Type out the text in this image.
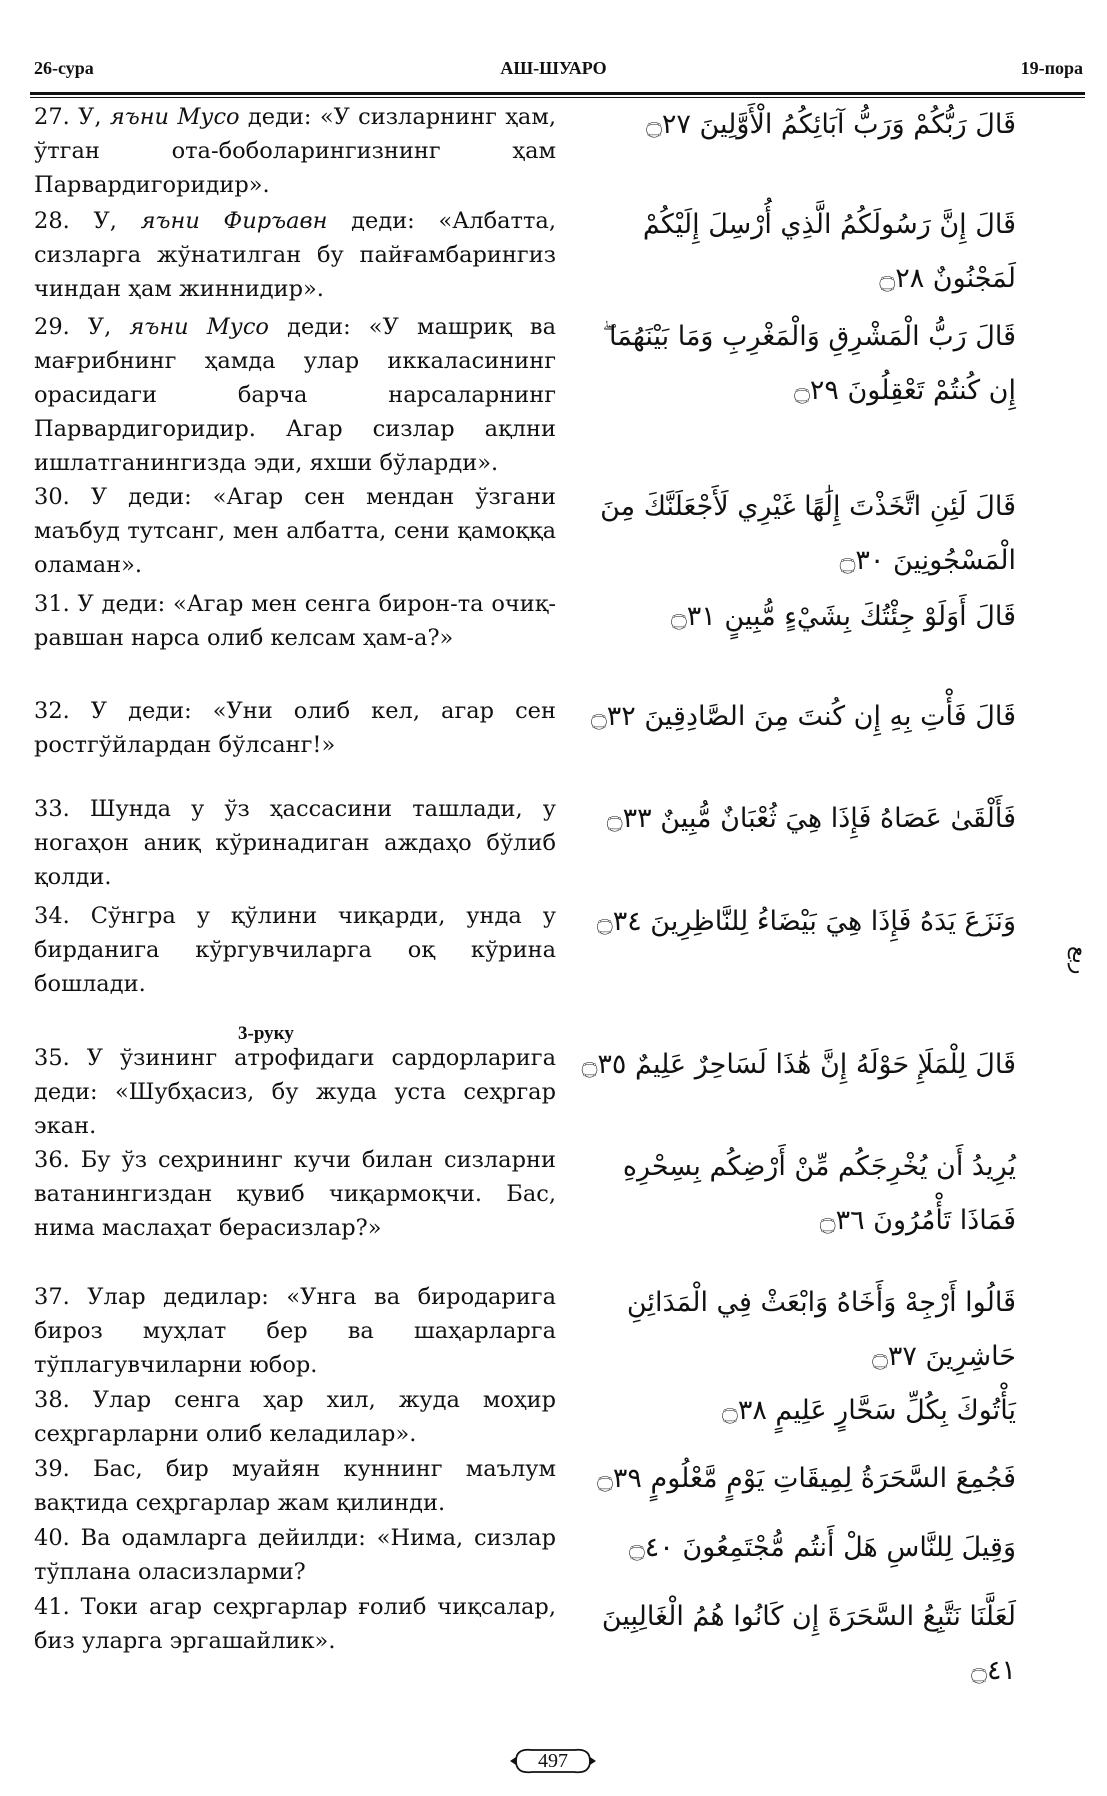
26-сура	АШ-ШУАРО	19-пора
27. У, яъни Мусо деди: «У сизларнинг ҳам, ўтган ота-боболарингизнинг ҳам Парвардигоридир».
28. У, яъни Фиръавн деди: «Албатта, сизларга жўнатилган бу пайғамбарингиз чиндан ҳам жиннидир».
29. У, яъни Мусо деди: «У машриқ ва мағрибнинг ҳамда улар иккаласининг орасидаги барча нарсаларнинг Парвардигоридир. Агар сизлар ақлни ишлатганингизда эди, яхши бўларди».
30. У деди: «Агар сен мендан ўзгани маъбуд тутсанг, мен албатта, сени қамоққа оламан».
31. У деди: «Агар мен сенга бирон-та очиқ-равшан нарса олиб келсам ҳам-а?»
32. У деди: «Уни олиб кел, агар сен ростгўйлардан бўлсанг!»
33. Шунда у ўз ҳассасини ташлади, у ногаҳон аниқ кўринадиган аждаҳо бўлиб қолди.
34. Сўнгра у қўлини чиқарди, унда у бирданига кўргувчиларга оқ кўрина бошлади.
3-руку
35. У ўзининг атрофидаги сардорларига деди: «Шубҳасиз, бу жуда уста сеҳргар экан.
36. Бу ўз сеҳрининг кучи билан сизларни ватанингиздан қувиб чиқармоқчи. Бас, нима маслаҳат берасизлар?»
37. Улар дедилар: «Унга ва биродарига бироз муҳлат бер ва шаҳарларга тўплагувчиларни юбор.
38. Улар сенга ҳар хил, жуда моҳир сеҳргарларни олиб келадилар».
39. Бас, бир муайян куннинг маълум вақтида сеҳргарлар жам қилинди.
40. Ва одамларга дейилди: «Нима, сизлар тўплана оласизларми?
41. Токи агар сеҳргарлар ғолиб чиқсалар, биз уларга эргашайлик».
قَالَ رَبُّكُمْ وَرَبُّ آبَائِكُمُ الْأَوَّلِينَ ۝٢٧
قَالَ إِنَّ رَسُولَكُمُ الَّذِي أُرْسِلَ إِلَيْكُمْ لَمَجْنُونٌ ۝٢٨
قَالَ رَبُّ الْمَشْرِقِ وَالْمَغْرِبِ وَمَا بَيْنَهُمَا ۖ إِن كُنتُمْ تَعْقِلُونَ ۝٢٩
قَالَ لَئِنِ اتَّخَذْتَ إِلَٰهًا غَيْرِي لَأَجْعَلَنَّكَ مِنَ الْمَسْجُونِينَ ۝٣٠
قَالَ أَوَلَوْ جِئْتُكَ بِشَيْءٍ مُّبِينٍ ۝٣١
قَالَ فَأْتِ بِهِ إِن كُنتَ مِنَ الصَّادِقِينَ ۝٣٢
فَأَلْقَىٰ عَصَاهُ فَإِذَا هِيَ ثُعْبَانٌ مُّبِينٌ ۝٣٣
وَنَزَعَ يَدَهُ فَإِذَا هِيَ بَيْضَاءُ لِلنَّاظِرِينَ ۝٣٤
ربع
قَالَ لِلْمَلَإِ حَوْلَهُ إِنَّ هَٰذَا لَسَاحِرٌ عَلِيمٌ ۝٣٥
يُرِيدُ أَن يُخْرِجَكُم مِّنْ أَرْضِكُم بِسِحْرِهِ فَمَاذَا تَأْمُرُونَ ۝٣٦
قَالُوا أَرْجِهْ وَأَخَاهُ وَابْعَثْ فِي الْمَدَائِنِ حَاشِرِينَ ۝٣٧
يَأْتُوكَ بِكُلِّ سَحَّارٍ عَلِيمٍ ۝٣٨
فَجُمِعَ السَّحَرَةُ لِمِيقَاتِ يَوْمٍ مَّعْلُومٍ ۝٣٩
وَقِيلَ لِلنَّاسِ هَلْ أَنتُم مُّجْتَمِعُونَ ۝٤٠
لَعَلَّنَا نَتَّبِعُ السَّحَرَةَ إِن كَانُوا هُمُ الْغَالِبِينَ ۝٤١
497
